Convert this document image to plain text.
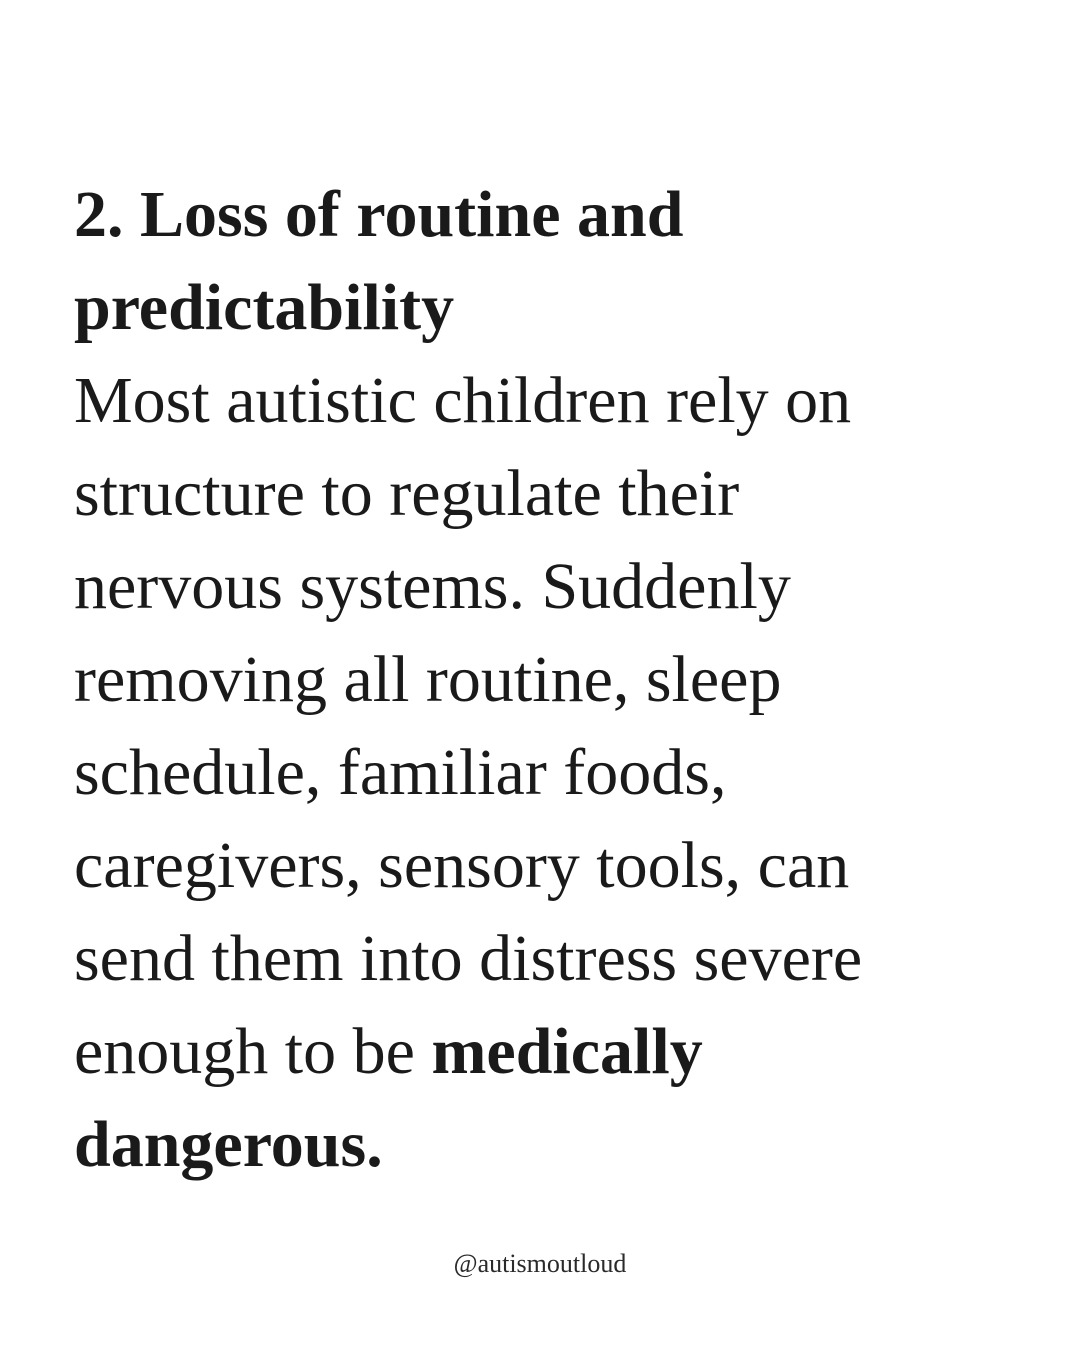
2. Loss of routine and
predictability

Most autistic children rely on
structure to regulate their
nervous systems. Suddenly
removing all routine, sleep
schedule, familiar foods,
caregivers, sensory tools, can
send them into distress severe
enough to be medically
dangerous.

@autismoutloud
